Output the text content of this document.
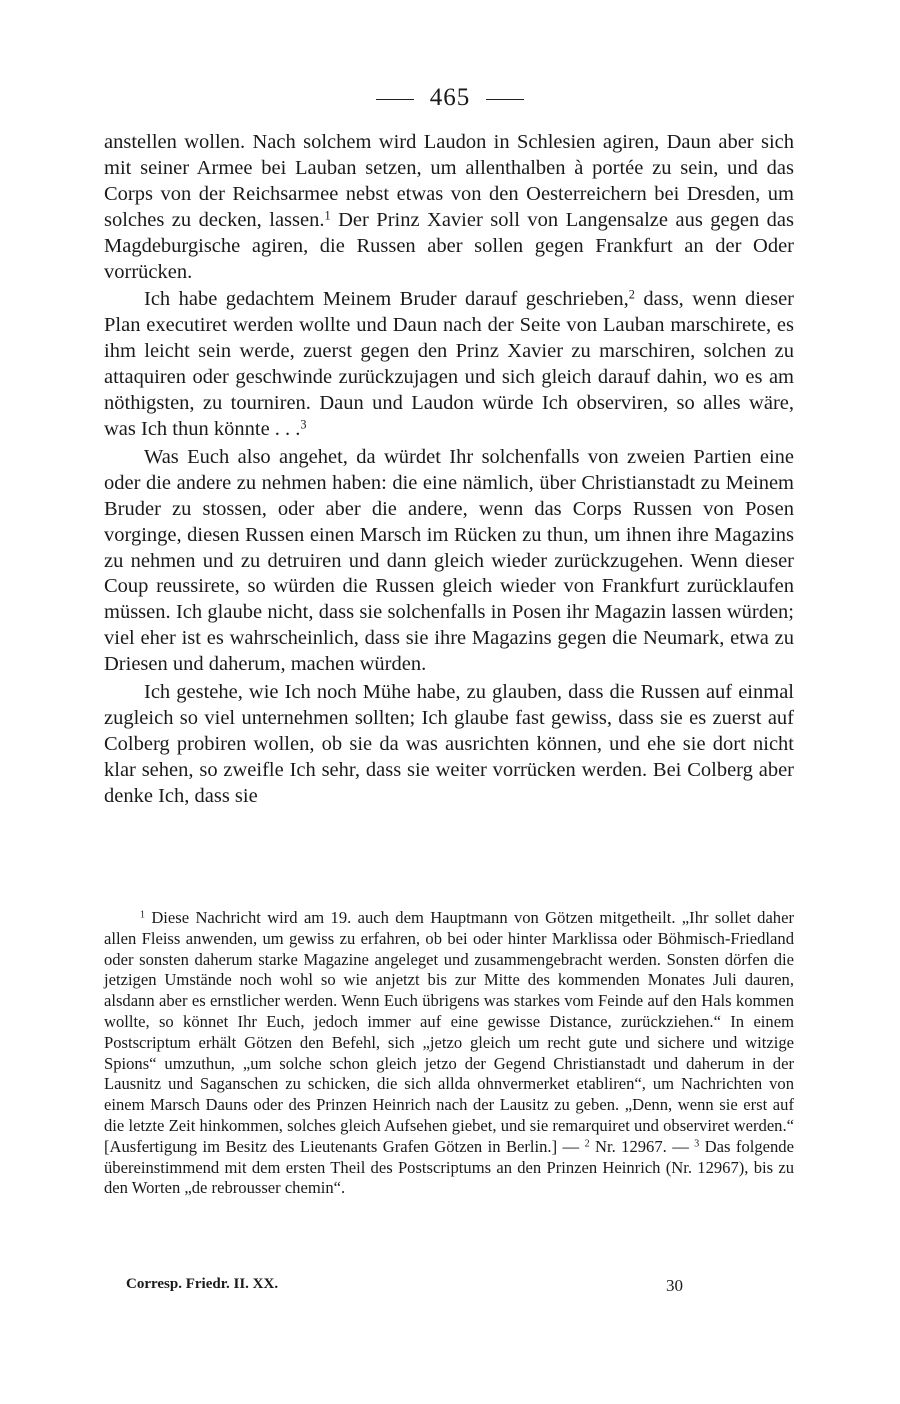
465

anstellen wollen. Nach solchem wird Laudon in Schlesien agiren, Daun aber sich mit seiner Armee bei Lauban setzen, um allenthalben à portée zu sein, und das Corps von der Reichsarmee nebst etwas von den Oesterreichern bei Dresden, um solches zu decken, lassen.$^1$ Der Prinz Xavier soll von Langensalze aus gegen das Magdeburgische agiren, die Russen aber sollen gegen Frankfurt an der Oder vorrücken.

Ich habe gedachtem Meinem Bruder darauf geschrieben,$^2$ dass, wenn dieser Plan executiret werden wollte und Daun nach der Seite von Lauban marschirete, es ihm leicht sein werde, zuerst gegen den Prinz Xavier zu marschiren, solchen zu attaquiren oder geschwinde zurückzujagen und sich gleich darauf dahin, wo es am nöthigsten, zu tourniren. Daun und Laudon würde Ich observiren, so alles wäre, was Ich thun könnte . . .$^3$

Was Euch also angehet, da würdet Ihr solchenfalls von zweien Partien eine oder die andere zu nehmen haben: die eine nämlich, über Christianstadt zu Meinem Bruder zu stossen, oder aber die andere, wenn das Corps Russen von Posen vorginge, diesen Russen einen Marsch im Rücken zu thun, um ihnen ihre Magazins zu nehmen und zu detruiren und dann gleich wieder zurückzugehen. Wenn dieser Coup reussirete, so würden die Russen gleich wieder von Frankfurt zurücklaufen müssen. Ich glaube nicht, dass sie solchenfalls in Posen ihr Magazin lassen würden; viel eher ist es wahrscheinlich, dass sie ihre Magazins gegen die Neumark, etwa zu Driesen und daherum, machen würden.

Ich gestehe, wie Ich noch Mühe habe, zu glauben, dass die Russen auf einmal zugleich so viel unternehmen sollten; Ich glaube fast gewiss, dass sie es zuerst auf Colberg probiren wollen, ob sie da was ausrichten können, und ehe sie dort nicht klar sehen, so zweifle Ich sehr, dass sie weiter vorrücken werden. Bei Colberg aber denke Ich, dass sie

$^1$ Diese Nachricht wird am 19. auch dem Hauptmann von Götzen mitgetheilt. „Ihr sollet daher allen Fleiss anwenden, um gewiss zu erfahren, ob bei oder hinter Marklissa oder Böhmisch-Friedland oder sonsten daherum starke Magazine angeleget und zusammengebracht werden. Sonsten dörfen die jetzigen Umstände noch wohl so wie anjetzt bis zur Mitte des kommenden Monates Juli dauren, alsdann aber es ernstlicher werden. Wenn Euch übrigens was starkes vom Feinde auf den Hals kommen wollte, so könnet Ihr Euch, jedoch immer auf eine gewisse Distance, zurückziehen.“ In einem Postscriptum erhält Götzen den Befehl, sich „jetzo gleich um recht gute und sichere und witzige Spions“ umzuthun, „um solche schon gleich jetzo der Gegend Christianstadt und daherum in der Lausnitz und Saganschen zu schicken, die sich allda ohnvermerket etabliren“, um Nachrichten von einem Marsch Dauns oder des Prinzen Heinrich nach der Lausitz zu geben. „Denn, wenn sie erst auf die letzte Zeit hinkommen, solches gleich Aufsehen giebet, und sie remarquiret und observiret werden.“ [Ausfertigung im Besitz des Lieutenants Grafen Götzen in Berlin.] — $^2$ Nr. 12967. — $^3$ Das folgende übereinstimmend mit dem ersten Theil des Postscriptums an den Prinzen Heinrich (Nr. 12967), bis zu den Worten „de rebrousser chemin“.

Corresp. Friedr. II. XX.	30
